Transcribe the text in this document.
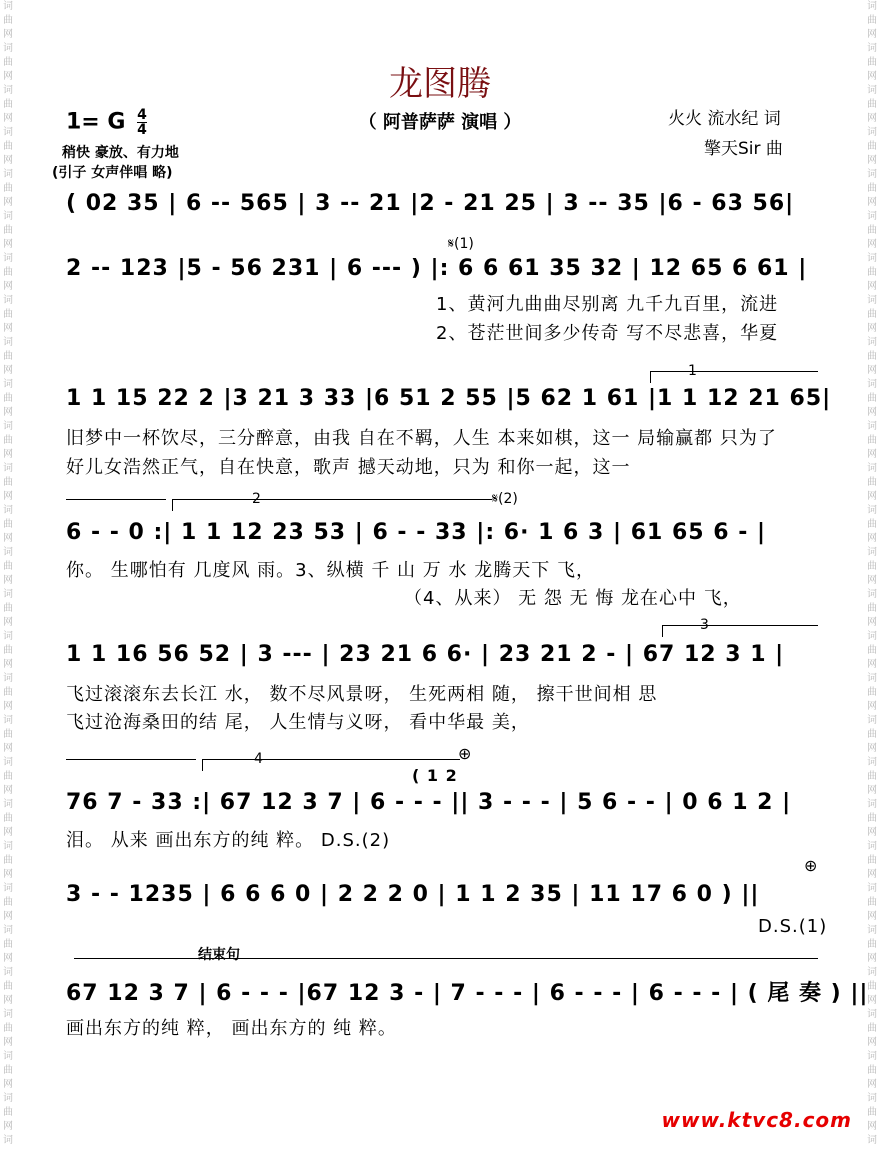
词
曲
网
词
曲
网
词
曲
网
词
曲
网
词
曲
网
词
曲
网
词
曲
网
词
曲
网
词
曲
网
词
曲
网
词
曲
网
词
曲
网
词
曲
网
词
曲
网
词
曲
网
词
曲
网
词
曲
网
词
曲
网
词
曲
网
词
曲
网
词
曲
网
词
曲
网
词
曲
网
词
曲
网
词
曲
网
词
曲
网
词
曲
网
词
词
曲
网
词
曲
网
词
曲
网
词
曲
网
词
曲
网
词
曲
网
词
曲
网
词
曲
网
词
曲
网
词
曲
网
词
曲
网
词
曲
网
词
曲
网
词
曲
网
词
曲
网
词
曲
网
词
曲
网
词
曲
网
词
曲
网
词
曲
网
词
曲
网
词
曲
网
词
曲
网
词
曲
网
词
曲
网
词
曲
网
词
曲
网
词
龙图腾
（ 阿普萨萨 演唱 ）	火火 流水纪 词
擎天Sir 曲
1= G $\frac{4}{4}$
稍快 豪放、有力地
(引子 女声伴唱 略)
( 02 35 | 6 -- 565 | 3 -- 21 |2 - 21 25 | 3 -- 35 |6 - 63 56|
𝄋(1)
2 -- 123 |5 - 56 231 | 6 --- ) |: 6 6 61 35 32 | 12 65 6 61 |
1、黄河九曲曲尽别离 九千九百里，流进
2、苍茫世间多少传奇 写不尽悲喜，华夏
1
1 1 15 22 2 |3 21 3 33 |6 51 2 55 |5 62 1 61 |1 1 12 21 65|
旧梦中一杯饮尽，三分醉意，由我 自在不羁，人生 本来如棋，这一 局输赢都 只为了
好儿女浩然正气，自在快意，歌声 撼天动地，只为 和你一起，这一
2	𝄋(2)
6 - - 0 :| 1 1 12 23 53 | 6 - - 33 |: 6· 1 6 3 | 61 65 6 - |
你。 生哪怕有 几度风 雨。3、纵横 千 山 万 水 龙腾天下 飞，
（4、从来） 无 怨 无 悔 龙在心中 飞，
3
1 1 16 56 52 | 3 --- | 23 21 6 6· | 23 21 2 - | 67 12 3 1 |
飞过滚滚东去长江 水， 数不尽风景呀， 生死两相 随， 擦干世间相 思
飞过沧海桑田的结 尾， 人生情与义呀， 看中华最 美，
4	⊕
( 1 2
76 7 - 33 :| 67 12 3 7 | 6 - - - || 3 - - - | 5 6 - - | 0 6 1 2 |
泪。 从来 画出东方的纯 粹。 D.S.(2)
⊕
3 - - 1235 | 6 6 6 0 | 2 2 2 0 | 1 1 2 35 | 11 17 6 0 ) ||
D.S.(1)
结束句
67 12 3 7 | 6 - - - |67 12 3 - | 7 - - - | 6 - - - | 6 - - - | ( 尾 奏 ) ||
画出东方的纯 粹， 画出东方的 纯 粹。
www.ktvc8.com
